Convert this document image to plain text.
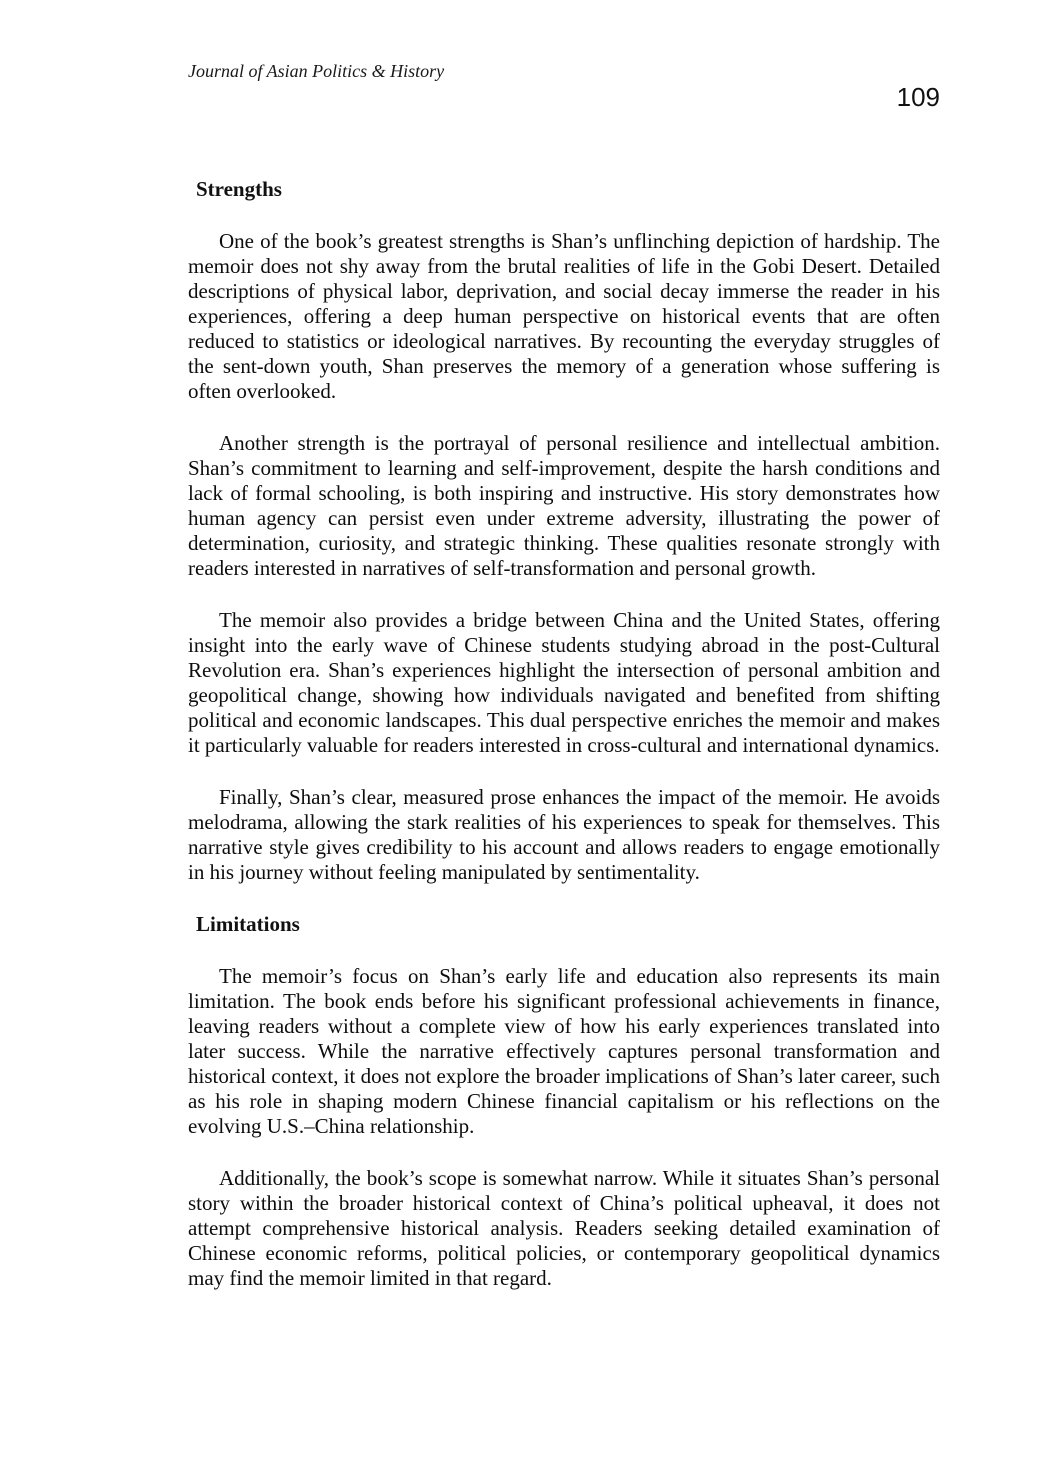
Journal of Asian Politics & History
109
Strengths

One of the book’s greatest strengths is Shan’s unflinching depiction of hardship. The memoir does not shy away from the brutal realities of life in the Gobi Desert. Detailed descriptions of physical labor, deprivation, and social decay immerse the reader in his experiences, offering a deep human perspective on historical events that are often reduced to statistics or ideological narratives. By recounting the everyday struggles of the sent-down youth, Shan preserves the memory of a generation whose suffering is often overlooked.

Another strength is the portrayal of personal resilience and intellectual ambition. Shan’s commitment to learning and self-improvement, despite the harsh conditions and lack of formal schooling, is both inspiring and instructive. His story demonstrates how human agency can persist even under extreme adversity, illustrating the power of determination, curiosity, and strategic thinking. These qualities resonate strongly with readers interested in narratives of self-transformation and personal growth.

The memoir also provides a bridge between China and the United States, offering insight into the early wave of Chinese students studying abroad in the post-Cultural Revolution era. Shan’s experiences highlight the intersection of personal ambition and geopolitical change, showing how individuals navigated and benefited from shifting political and economic landscapes. This dual perspective enriches the memoir and makes it particularly valuable for readers interested in cross-cultural and international dynamics.

Finally, Shan’s clear, measured prose enhances the impact of the memoir. He avoids melodrama, allowing the stark realities of his experiences to speak for themselves. This narrative style gives credibility to his account and allows readers to engage emotionally in his journey without feeling manipulated by sentimentality.

Limitations

The memoir’s focus on Shan’s early life and education also represents its main limitation. The book ends before his significant professional achievements in finance, leaving readers without a complete view of how his early experiences translated into later success. While the narrative effectively captures personal transformation and historical context, it does not explore the broader implications of Shan’s later career, such as his role in shaping modern Chinese financial capitalism or his reflections on the evolving U.S.–China relationship.

Additionally, the book’s scope is somewhat narrow. While it situates Shan’s personal story within the broader historical context of China’s political upheaval, it does not attempt comprehensive historical analysis. Readers seeking detailed examination of Chinese economic reforms, political policies, or contemporary geopolitical dynamics may find the memoir limited in that regard.
